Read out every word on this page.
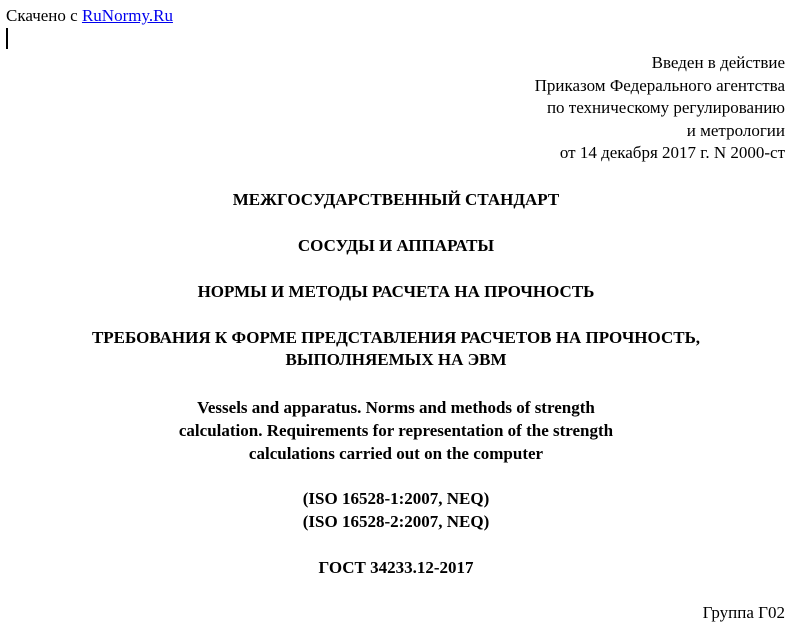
Скачено с RuNormy.Ru
Введен в действие
Приказом Федерального агентства
по техническому регулированию
и метрологии
от 14 декабря 2017 г. N 2000-ст
МЕЖГОСУДАРСТВЕННЫЙ СТАНДАРТ
СОСУДЫ И АППАРАТЫ
НОРМЫ И МЕТОДЫ РАСЧЕТА НА ПРОЧНОСТЬ
ТРЕБОВАНИЯ К ФОРМЕ ПРЕДСТАВЛЕНИЯ РАСЧЕТОВ НА ПРОЧНОСТЬ,
ВЫПОЛНЯЕМЫХ НА ЭВМ
Vessels and apparatus. Norms and methods of strength
calculation. Requirements for representation of the strength
calculations carried out on the computer
(ISO 16528-1:2007, NEQ)
(ISO 16528-2:2007, NEQ)
ГОСТ 34233.12-2017
Группа Г02
